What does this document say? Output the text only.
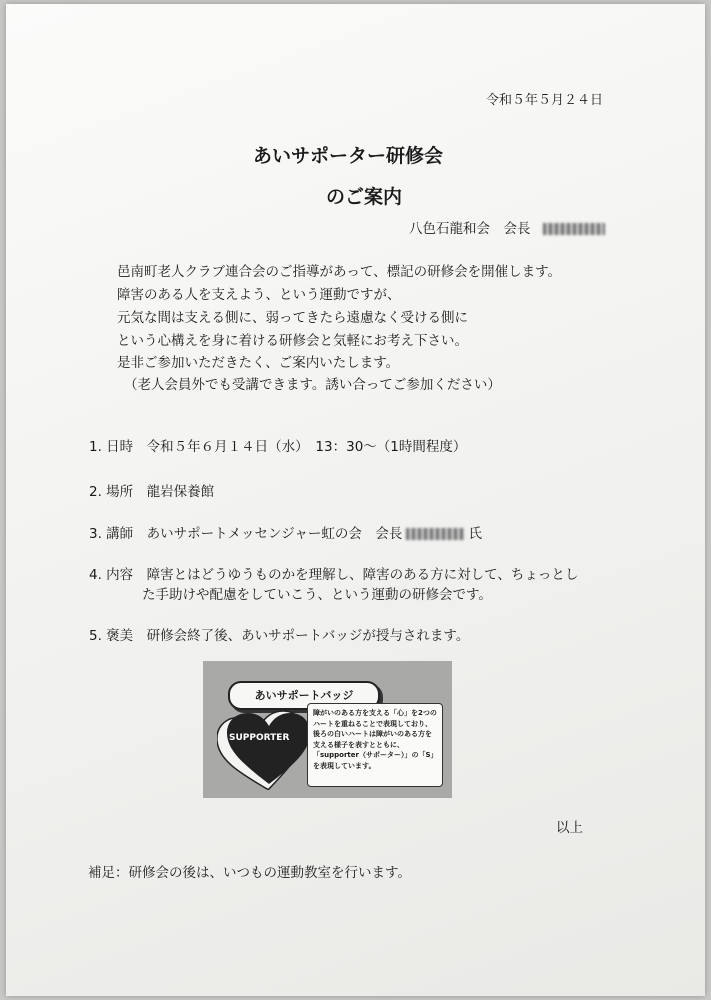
令和５年５月２４日
あいサポーター研修会
のご案内
八色石龍和会　会長
邑南町老人クラブ連合会のご指導があって、標記の研修会を開催します。
障害のある人を支えよう、という運動ですが、
元気な間は支える側に、弱ってきたら遠慮なく受ける側に
という心構えを身に着ける研修会と気軽にお考え下さい。
是非ご参加いただきたく、ご案内いたします。
（老人会員外でも受講できます。誘い合ってご参加ください）
1. 日時　令和５年６月１４日（水）　13：30～（1時間程度）
2. 場所　龍岩保養館
3. 講師　あいサポートメッセンジャー虹の会　会長	氏
4. 内容　障害とはどうゆうものかを理解し、障害のある方に対して、ちょっとし
た手助けや配慮をしていこう、という運動の研修会です。
5. 褒美　研修会終了後、あいサポートバッジが授与されます。
あいサポートバッジ
SUPPORTER
障がいのある方を支える「心」を2つのハートを重ねることで表現しており、後ろの白いハートは障がいのある方を支える様子を表すとともに、「supporter（サポーター）」の「S」を表現しています。
以上
補足：研修会の後は、いつもの運動教室を行います。
